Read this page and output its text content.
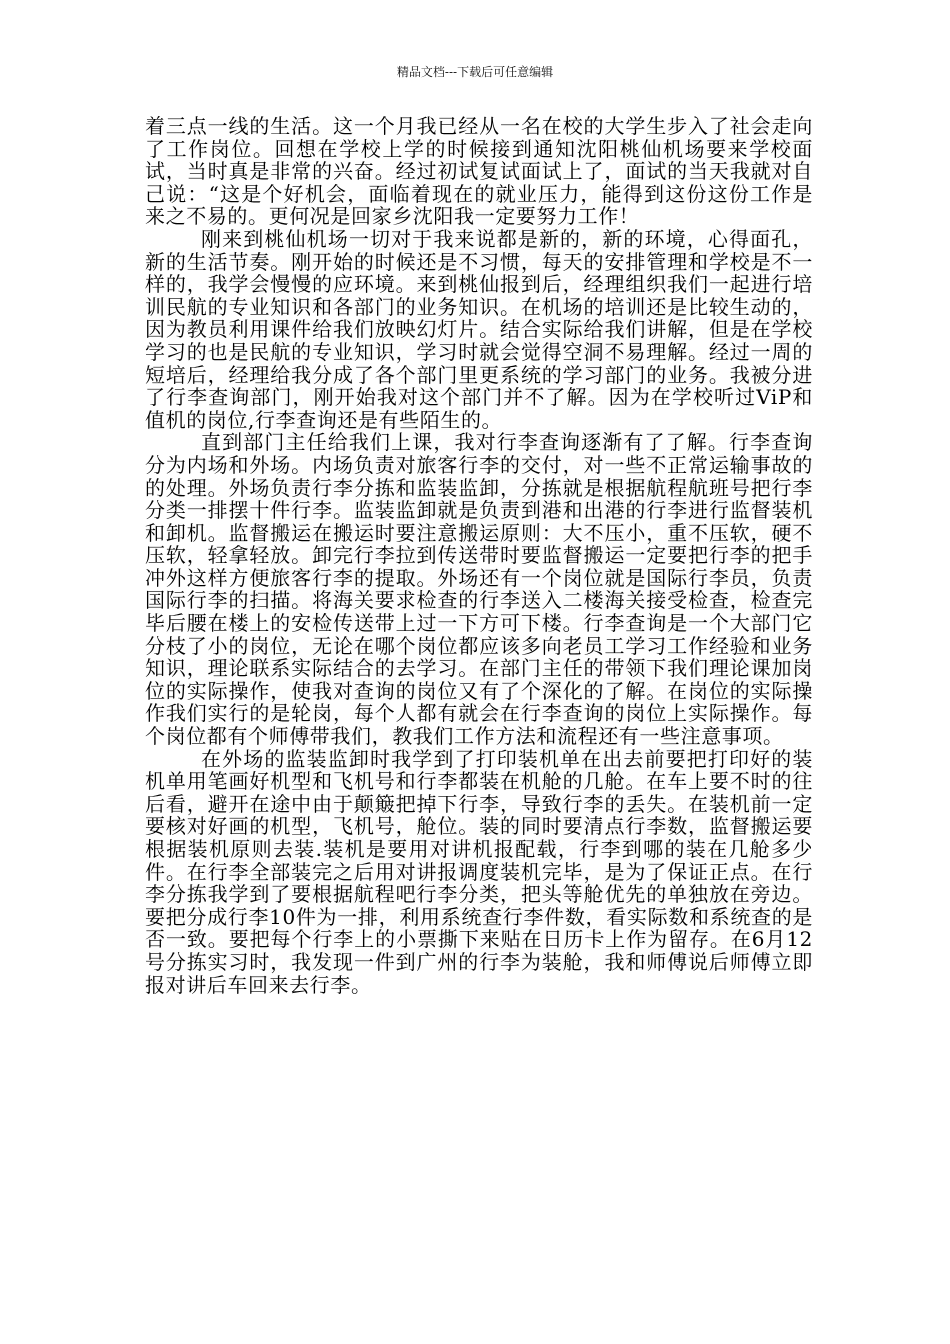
精品文档---下载后可任意编辑

着三点一线的生活。这一个月我已经从一名在校的大学生步入了社会走向了工作岗位。回想在学校上学的时候接到通知沈阳桃仙机场要来学校面试，当时真是非常的兴奋。经过初试复试面试上了，面试的当天我就对自己说：“这是个好机会，面临着现在的就业压力，能得到这份这份工作是来之不易的。更何况是回家乡沈阳我一定要努力工作！

刚来到桃仙机场一切对于我来说都是新的，新的环境，心得面孔，新的生活节奏。刚开始的时候还是不习惯，每天的安排管理和学校是不一样的，我学会慢慢的应环境。来到桃仙报到后，经理组织我们一起进行培训民航的专业知识和各部门的业务知识。在机场的培训还是比较生动的，因为教员利用课件给我们放映幻灯片。结合实际给我们讲解，但是在学校学习的也是民航的专业知识，学习时就会觉得空洞不易理解。经过一周的短培后，经理给我分成了各个部门里更系统的学习部门的业务。我被分进了行李查询部门，刚开始我对这个部门并不了解。因为在学校听过ViP和值机的岗位,行李查询还是有些陌生的。

直到部门主任给我们上课，我对行李查询逐渐有了了解。行李查询分为内场和外场。内场负责对旅客行李的交付，对一些不正常运输事故的的处理。外场负责行李分拣和监装监卸，分拣就是根据航程航班号把行李分类一排摆十件行李。监装监卸就是负责到港和出港的行李进行监督装机和卸机。监督搬运在搬运时要注意搬运原则：大不压小，重不压软，硬不压软，轻拿轻放。卸完行李拉到传送带时要监督搬运一定要把行李的把手冲外这样方便旅客行李的提取。外场还有一个岗位就是国际行李员，负责国际行李的扫描。将海关要求检查的行李送入二楼海关接受检查，检查完毕后腰在楼上的安检传送带上过一下方可下楼。行李查询是一个大部门它分枝了小的岗位，无论在哪个岗位都应该多向老员工学习工作经验和业务知识，理论联系实际结合的去学习。在部门主任的带领下我们理论课加岗位的实际操作，使我对查询的岗位又有了个深化的了解。在岗位的实际操作我们实行的是轮岗，每个人都有就会在行李查询的岗位上实际操作。每个岗位都有个师傅带我们，教我们工作方法和流程还有一些注意事项。

在外场的监装监卸时我学到了打印装机单在出去前要把打印好的装机单用笔画好机型和飞机号和行李都装在机舱的几舱。在车上要不时的往后看，避开在途中由于颠簸把掉下行李，导致行李的丢失。在装机前一定要核对好画的机型，飞机号，舱位。装的同时要清点行李数，监督搬运要根据装机原则去装.装机是要用对讲机报配载，行李到哪的装在几舱多少件。在行李全部装完之后用对讲报调度装机完毕，是为了保证正点。在行李分拣我学到了要根据航程吧行李分类，把头等舱优先的单独放在旁边。要把分成行李10件为一排，利用系统查行李件数，看实际数和系统查的是否一致。要把每个行李上的小票撕下来贴在日历卡上作为留存。在6月12号分拣实习时，我发现一件到广州的行李为装舱，我和师傅说后师傅立即报对讲后车回来去行李。
